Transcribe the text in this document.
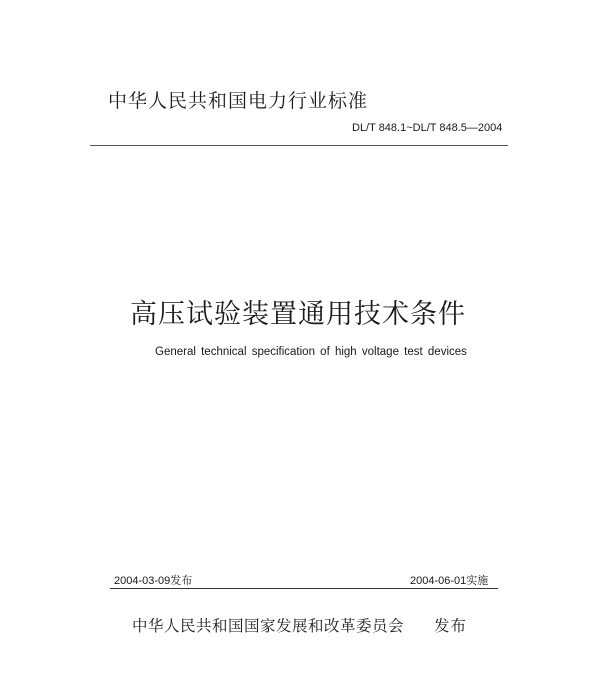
中华人民共和国电力行业标准
DL/T 848.1~DL/T 848.5—2004
高压试验装置通用技术条件
General technical specification of high voltage test devices
2004-03-09发布	2004-06-01实施
中华人民共和国国家发展和改革委员会 发布
